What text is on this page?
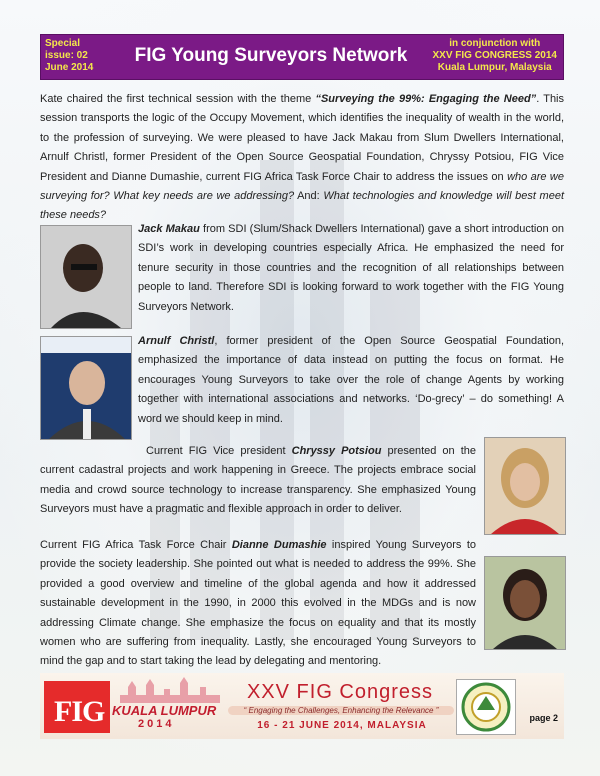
Special
issue: 02
June 2014
FIG Young Surveyors Network
in conjunction with
XXV FIG CONGRESS 2014
Kuala Lumpur, Malaysia
Kate chaired the first technical session with the theme “Surveying the 99%: Engaging the Need”. This session transports the logic of the Occupy Movement, which identifies the inequality of wealth in the world, to the profession of surveying. We were pleased to have Jack Makau from Slum Dwellers International, Arnulf Christl, former President of the Open Source Geospatial Foundation, Chryssy Potsiou, FIG Vice President and Dianne Dumashie, current FIG Africa Task Force Chair to address the issues on who are we surveying for? What key needs are we addressing? And: What technologies and knowledge will best meet these needs?
Jack Makau from SDI (Slum/Shack Dwellers International) gave a short introduction on SDI’s work in developing countries especially Africa. He emphasized the need for tenure security in those countries and the recognition of all relationships between people to land. Therefore SDI is looking forward to work together with the FIG Young Surveyors Network.
Arnulf Christl, former president of the Open Source Geospatial Foundation, emphasized the importance of data instead on putting the focus on format. He encourages Young Surveyors to take over the role of change Agents by working together with international associations and networks. ‘Do-grecy’ – do something! A word we should keep in mind.
Current FIG Vice president Chryssy Potsiou presented on the current cadastral projects and work happening in Greece. The projects embrace social media and crowd source technology to increase transparency. She emphasized Young Surveyors must have a pragmatic and flexible approach in order to deliver.
Current FIG Africa Task Force Chair Dianne Dumashie inspired Young Surveyors to provide the society leadership. She pointed out what is needed to address the 99%. She provided a good overview and timeline of the global agenda and how it addressed sustainable development in the 1990, in 2000 this evolved in the MDGs and is now addressing Climate change. She emphasize the focus on equality and that its mostly women who are suffering from inequality. Lastly, she encouraged Young Surveyors to mind the gap and to start taking the lead by delegating and mentoring.
FIG KUALA LUMPUR
2014
XXV FIG Congress
“ Engaging the Challenges, Enhancing the Relevance ”
16 - 21 JUNE 2014, MALAYSIA
page 2
